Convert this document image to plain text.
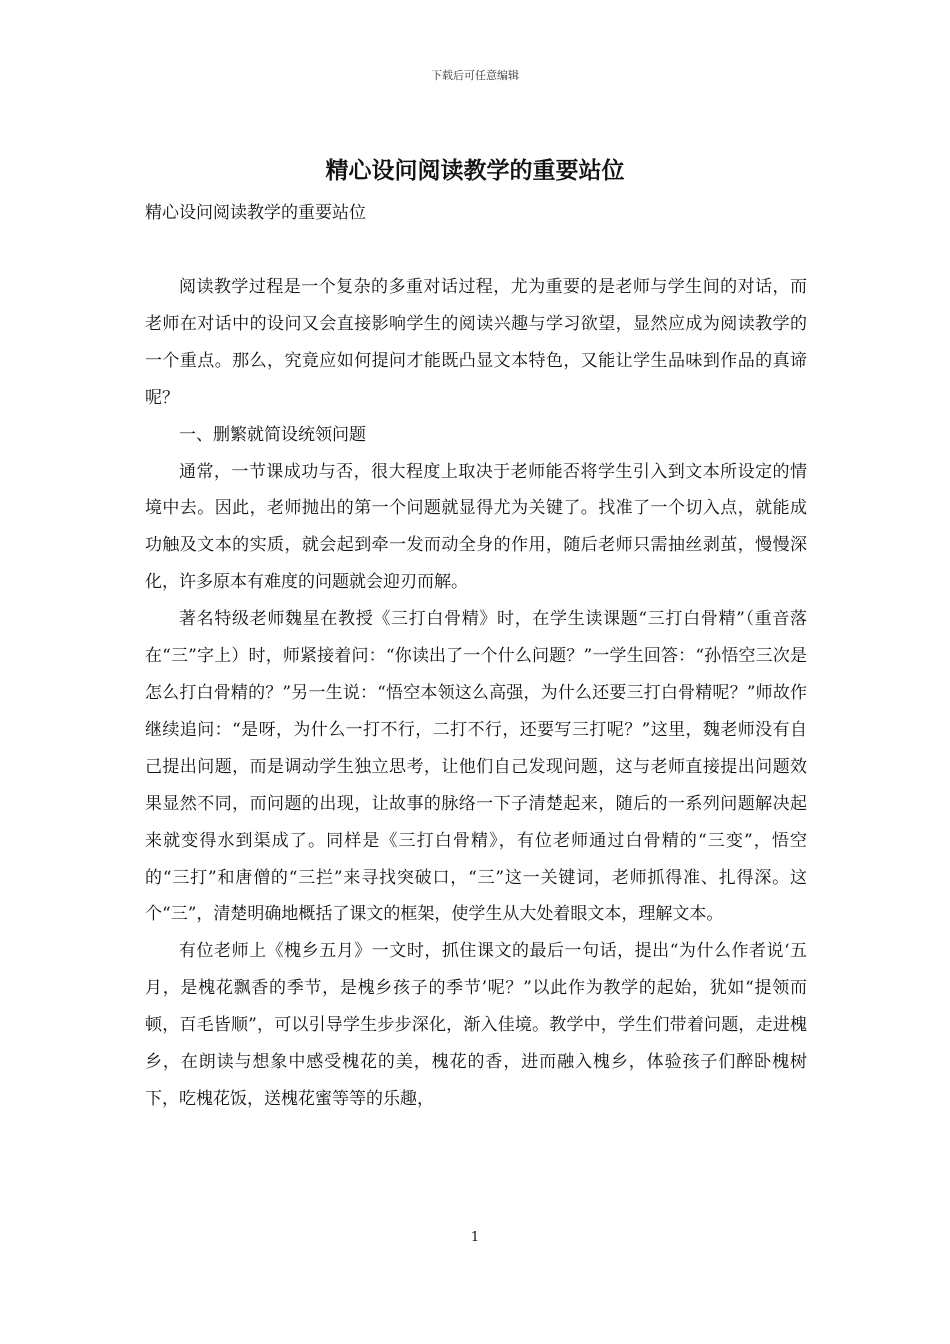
下载后可任意编辑
精心设问阅读教学的重要站位
精心设问阅读教学的重要站位

阅读教学过程是一个复杂的多重对话过程，尤为重要的是老师与学生间的对话，而老师在对话中的设问又会直接影响学生的阅读兴趣与学习欲望，显然应成为阅读教学的一个重点。那么，究竟应如何提问才能既凸显文本特色，又能让学生品味到作品的真谛呢？

一、删繁就简设统领问题

通常，一节课成功与否，很大程度上取决于老师能否将学生引入到文本所设定的情境中去。因此，老师抛出的第一个问题就显得尤为关键了。找准了一个切入点，就能成功触及文本的实质，就会起到牵一发而动全身的作用，随后老师只需抽丝剥茧，慢慢深化，许多原本有难度的问题就会迎刃而解。

著名特级老师魏星在教授《三打白骨精》时，在学生读课题“三打白骨精”（重音落在“三”字上）时，师紧接着问：“你读出了一个什么问题？”一学生回答：“孙悟空三次是怎么打白骨精的？”另一生说：“悟空本领这么高强，为什么还要三打白骨精呢？”师故作继续追问：“是呀，为什么一打不行，二打不行，还要写三打呢？”这里，魏老师没有自己提出问题，而是调动学生独立思考，让他们自己发现问题，这与老师直接提出问题效果显然不同，而问题的出现，让故事的脉络一下子清楚起来，随后的一系列问题解决起来就变得水到渠成了。同样是《三打白骨精》，有位老师通过白骨精的“三变”，悟空的“三打”和唐僧的“三拦”来寻找突破口，“三”这一关键词，老师抓得准、扎得深。这个“三”，清楚明确地概括了课文的框架，使学生从大处着眼文本，理解文本。

有位老师上《槐乡五月》一文时，抓住课文的最后一句话，提出“为什么作者说‘五月，是槐花飘香的季节，是槐乡孩子的季节’呢？”以此作为教学的起始，犹如“提领而顿，百毛皆顺”，可以引导学生步步深化，渐入佳境。教学中，学生们带着问题，走进槐乡，在朗读与想象中感受槐花的美，槐花的香，进而融入槐乡，体验孩子们醉卧槐树下，吃槐花饭，送槐花蜜等等的乐趣，

1
